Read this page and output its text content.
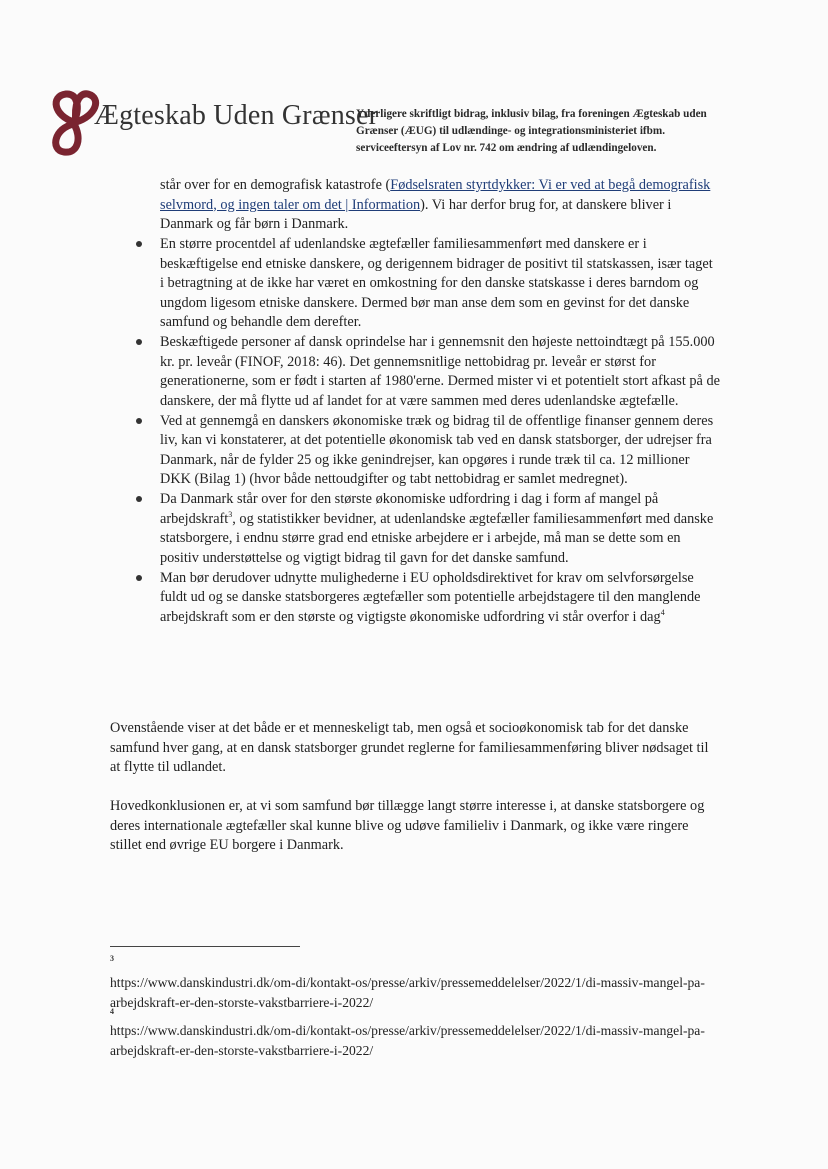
Ægteskab Uden Grænser
Yderligere skriftligt bidrag, inklusiv bilag, fra foreningen Ægteskab uden Grænser (ÆUG) til udlændinge- og integrationsministeriet ifbm. serviceeftersyn af Lov nr. 742 om ændring af udlændingeloven.
står over for en demografisk katastrofe (Fødselsraten styrtdykker: Vi er ved at begå demografisk selvmord, og ingen taler om det | Information). Vi har derfor brug for, at danskere bliver i Danmark og får børn i Danmark.
En større procentdel af udenlandske ægtefæller familiesammenført med danskere er i beskæftigelse end etniske danskere, og derigennem bidrager de positivt til statskassen, især taget i betragtning at de ikke har været en omkostning for den danske statskasse i deres barndom og ungdom ligesom etniske danskere. Dermed bør man anse dem som en gevinst for det danske samfund og behandle dem derefter.
Beskæftigede personer af dansk oprindelse har i gennemsnit den højeste nettoindtægt på 155.000 kr. pr. levеår (FINOF, 2018: 46). Det gennemsnitlige nettobidrag pr. leveår er størst for generationerne, som er født i starten af 1980'erne. Dermed mister vi et potentielt stort afkast på de danskere, der må flytte ud af landet for at være sammen med deres udenlandske ægtefælle.
Ved at gennemgå en danskers økonomiske træk og bidrag til de offentlige finanser gennem deres liv, kan vi konstaterer, at det potentielle økonomisk tab ved en dansk statsborger, der udrejser fra Danmark, når de fylder 25 og ikke genindrejser, kan opgøres i runde træk til ca. 12 millioner DKK (Bilag 1) (hvor både nettoudgifter og tabt nettobidrag er samlet medregnet).
Da Danmark står over for den største økonomiske udfordring i dag i form af mangel på arbejdskraft$^3$, og statistikker bevidner, at udenlandske ægtefæller familiesammenført med danske statsborgere, i endnu større grad end etniske arbejdere er i arbejde, må man se dette som en positiv understøttelse og vigtigt bidrag til gavn for det danske samfund.
Man bør derudover udnytte mulighederne i EU opholdsdirektivet for krav om selvforsørgelse fuldt ud og se danske statsborgeres ægtefæller som potentielle arbejdstagere til den manglende arbejdskraft som er den største og vigtigste økonomiske udfordring vi står overfor i dag$^4$
Ovenstående viser at det både er et menneskeligt tab, men også et socioøkonomisk tab for det danske samfund hver gang, at en dansk statsborger grundet reglerne for familiesammenføring bliver nødsaget til at flytte til udlandet.
Hovedkonklusionen er, at vi som samfund bør tillægge langt større interesse i, at danske statsborgere og deres internationale ægtefæller skal kunne blive og udøve familieliv i Danmark, og ikke være ringere stillet end øvrige EU borgere i Danmark.
3
https://www.danskindustri.dk/om-di/kontakt-os/presse/arkiv/pressemeddelelser/2022/1/di-massiv-mangel-pa-arbejdskraft-er-den-storste-vakstbarriere-i-2022/
4
https://www.danskindustri.dk/om-di/kontakt-os/presse/arkiv/pressemeddelelser/2022/1/di-massiv-mangel-pa-arbejdskraft-er-den-storste-vakstbarriere-i-2022/
